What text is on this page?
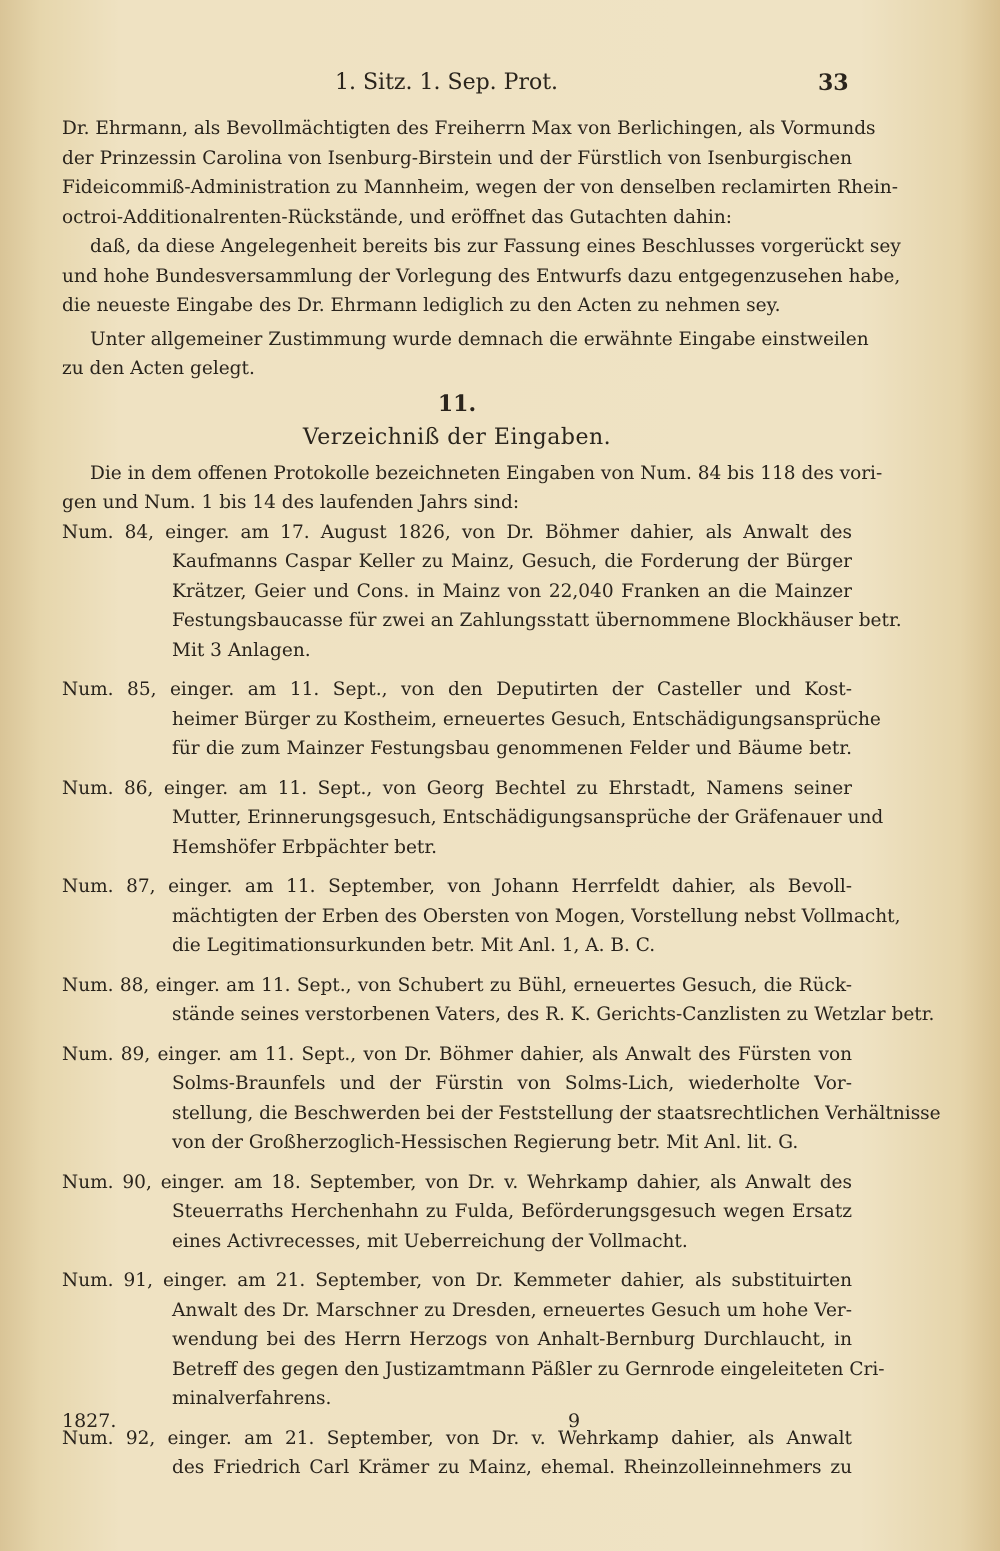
1. Sitz. 1. Sep. Prot.	33
Dr. Ehrmann, als Bevollmächtigten des Freiherrn Max von Berlichingen, als Vormunds
der Prinzessin Carolina von Isenburg-Birstein und der Fürstlich von Isenburgischen
Fideicommiß-Administration zu Mannheim, wegen der von denselben reclamirten Rhein-
octroi-Additionalrenten-Rückstände, und eröffnet das Gutachten dahin:
daß, da diese Angelegenheit bereits bis zur Fassung eines Beschlusses vorgerückt sey
und hohe Bundesversammlung der Vorlegung des Entwurfs dazu entgegenzusehen habe,
die neueste Eingabe des Dr. Ehrmann lediglich zu den Acten zu nehmen sey.
Unter allgemeiner Zustimmung wurde demnach die erwähnte Eingabe einstweilen
zu den Acten gelegt.
11.
Verzeichniß der Eingaben.
Die in dem offenen Protokolle bezeichneten Eingaben von Num. 84 bis 118 des vori-
gen und Num. 1 bis 14 des laufenden Jahrs sind:
Num. 84, einger. am 17. August 1826, von Dr. Böhmer dahier, als Anwalt des
Kaufmanns Caspar Keller zu Mainz, Gesuch, die Forderung der Bürger
Krätzer, Geier und Cons. in Mainz von 22,040 Franken an die Mainzer
Festungsbaucasse für zwei an Zahlungsstatt übernommene Blockhäuser betr.
Mit 3 Anlagen.
Num. 85, einger. am 11. Sept., von den Deputirten der Casteller und Kost-
heimer Bürger zu Kostheim, erneuertes Gesuch, Entschädigungsansprüche
für die zum Mainzer Festungsbau genommenen Felder und Bäume betr.
Num. 86, einger. am 11. Sept., von Georg Bechtel zu Ehrstadt, Namens seiner
Mutter, Erinnerungsgesuch, Entschädigungsansprüche der Gräfenauer und
Hemshöfer Erbpächter betr.
Num. 87, einger. am 11. September, von Johann Herrfeldt dahier, als Bevoll-
mächtigten der Erben des Obersten von Mogen, Vorstellung nebst Vollmacht,
die Legitimationsurkunden betr. Mit Anl. 1, A. B. C.
Num. 88, einger. am 11. Sept., von Schubert zu Bühl, erneuertes Gesuch, die Rück-
stände seines verstorbenen Vaters, des R. K. Gerichts-Canzlisten zu Wetzlar betr.
Num. 89, einger. am 11. Sept., von Dr. Böhmer dahier, als Anwalt des Fürsten von
Solms-Braunfels und der Fürstin von Solms-Lich, wiederholte Vor-
stellung, die Beschwerden bei der Feststellung der staatsrechtlichen Verhältnisse
von der Großherzoglich-Hessischen Regierung betr. Mit Anl. lit. G.
Num. 90, einger. am 18. September, von Dr. v. Wehrkamp dahier, als Anwalt des
Steuerraths Herchenhahn zu Fulda, Beförderungsgesuch wegen Ersatz
eines Activrecesses, mit Ueberreichung der Vollmacht.
Num. 91, einger. am 21. September, von Dr. Kemmeter dahier, als substituirten
Anwalt des Dr. Marschner zu Dresden, erneuertes Gesuch um hohe Ver-
wendung bei des Herrn Herzogs von Anhalt-Bernburg Durchlaucht, in
Betreff des gegen den Justizamtmann Päßler zu Gernrode eingeleiteten Cri-
minalverfahrens.
Num. 92, einger. am 21. September, von Dr. v. Wehrkamp dahier, als Anwalt
des Friedrich Carl Krämer zu Mainz, ehemal. Rheinzolleinnehmers zu
1827.	9
